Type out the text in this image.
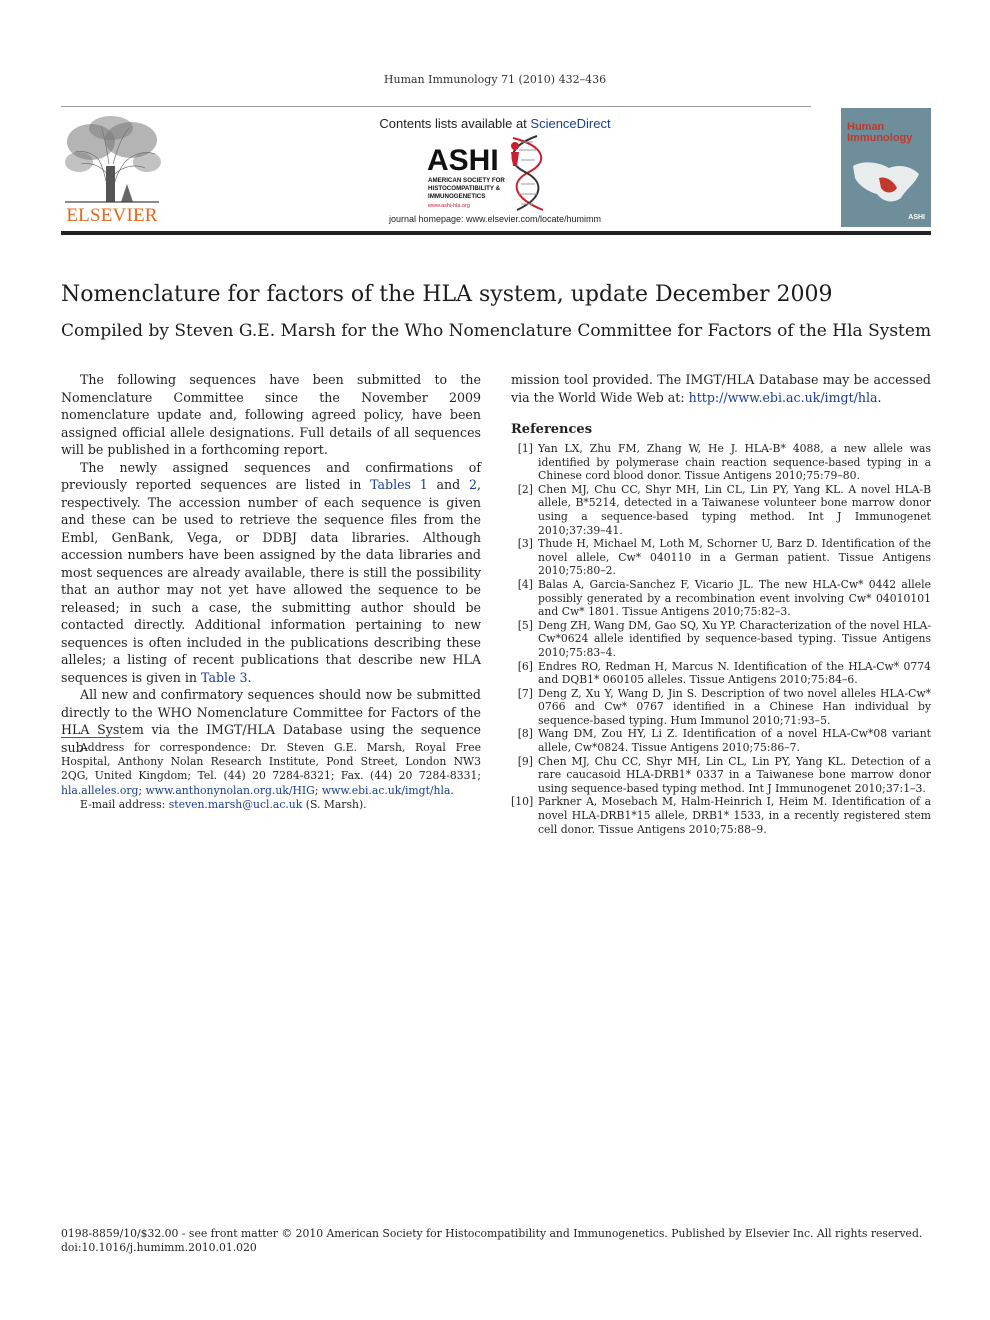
Human Immunology 71 (2010) 432–436
ELSEVIER
Contents lists available at ScienceDirect
ASHI
AMERICAN SOCIETY FOR
HISTOCOMPATIBILITY &
IMMUNOGENETICS
www.ashi-hla.org
journal homepage: www.elsevier.com/locate/humimm
Human
Immunology
ASHI
Nomenclature for factors of the HLA system, update December 2009
Compiled by Steven G.E. Marsh for the Who Nomenclature Committee for Factors of the Hla System

The following sequences have been submitted to the Nomenclature Committee since the November 2009 nomenclature update and, following agreed policy, have been assigned official allele designations. Full details of all sequences will be published in a forthcoming report.

The newly assigned sequences and confirmations of previously reported sequences are listed in Tables 1 and 2, respectively. The accession number of each sequence is given and these can be used to retrieve the sequence files from the Embl, GenBank, Vega, or DDBJ data libraries. Although accession numbers have been assigned by the data libraries and most sequences are already available, there is still the possibility that an author may not yet have allowed the sequence to be released; in such a case, the submitting author should be contacted directly. Additional information pertaining to new sequences is often included in the publications describing these alleles; a listing of recent publications that describe new HLA sequences is given in Table 3.

All new and confirmatory sequences should now be submitted directly to the WHO Nomenclature Committee for Factors of the HLA System via the IMGT/HLA Database using the sequence sub-

Address for correspondence: Dr. Steven G.E. Marsh, Royal Free Hospital, Anthony Nolan Research Institute, Pond Street, London NW3 2QG, United Kingdom; Tel. (44) 20 7284-8321; Fax. (44) 20 7284-8331; hla.alleles.org; www.anthonynolan.org.uk/HIG; www.ebi.ac.uk/imgt/hla.

E-mail address: steven.marsh@ucl.ac.uk (S. Marsh).

mission tool provided. The IMGT/HLA Database may be accessed via the World Wide Web at: http://www.ebi.ac.uk/imgt/hla.

References
[1] Yan LX, Zhu FM, Zhang W, He J. HLA-B* 4088, a new allele was identified by polymerase chain reaction sequence-based typing in a Chinese cord blood donor. Tissue Antigens 2010;75:79–80.
[2] Chen MJ, Chu CC, Shyr MH, Lin CL, Lin PY, Yang KL. A novel HLA-B allele, B*5214, detected in a Taiwanese volunteer bone marrow donor using a sequence-based typing method. Int J Immunogenet 2010;37:39–41.
[3] Thude H, Michael M, Loth M, Schorner U, Barz D. Identification of the novel allele, Cw* 040110 in a German patient. Tissue Antigens 2010;75:80–2.
[4] Balas A, Garcia-Sanchez F, Vicario JL. The new HLA-Cw* 0442 allele possibly generated by a recombination event involving Cw* 04010101 and Cw* 1801. Tissue Antigens 2010;75:82–3.
[5] Deng ZH, Wang DM, Gao SQ, Xu YP. Characterization of the novel HLA-Cw*0624 allele identified by sequence-based typing. Tissue Antigens 2010;75:83–4.
[6] Endres RO, Redman H, Marcus N. Identification of the HLA-Cw* 0774 and DQB1* 060105 alleles. Tissue Antigens 2010;75:84–6.
[7] Deng Z, Xu Y, Wang D, Jin S. Description of two novel alleles HLA-Cw* 0766 and Cw* 0767 identified in a Chinese Han individual by sequence-based typing. Hum Immunol 2010;71:93–5.
[8] Wang DM, Zou HY, Li Z. Identification of a novel HLA-Cw*08 variant allele, Cw*0824. Tissue Antigens 2010;75:86–7.
[9] Chen MJ, Chu CC, Shyr MH, Lin CL, Lin PY, Yang KL. Detection of a rare caucasoid HLA-DRB1* 0337 in a Taiwanese bone marrow donor using sequence-based typing method. Int J Immunogenet 2010;37:1–3.
[10] Parkner A, Mosebach M, Halm-Heinrich I, Heim M. Identification of a novel HLA-DRB1*15 allele, DRB1* 1533, in a recently registered stem cell donor. Tissue Antigens 2010;75:88–9.
0198-8859/10/$32.00 - see front matter © 2010 American Society for Histocompatibility and Immunogenetics. Published by Elsevier Inc. All rights reserved.
doi:10.1016/j.humimm.2010.01.020
